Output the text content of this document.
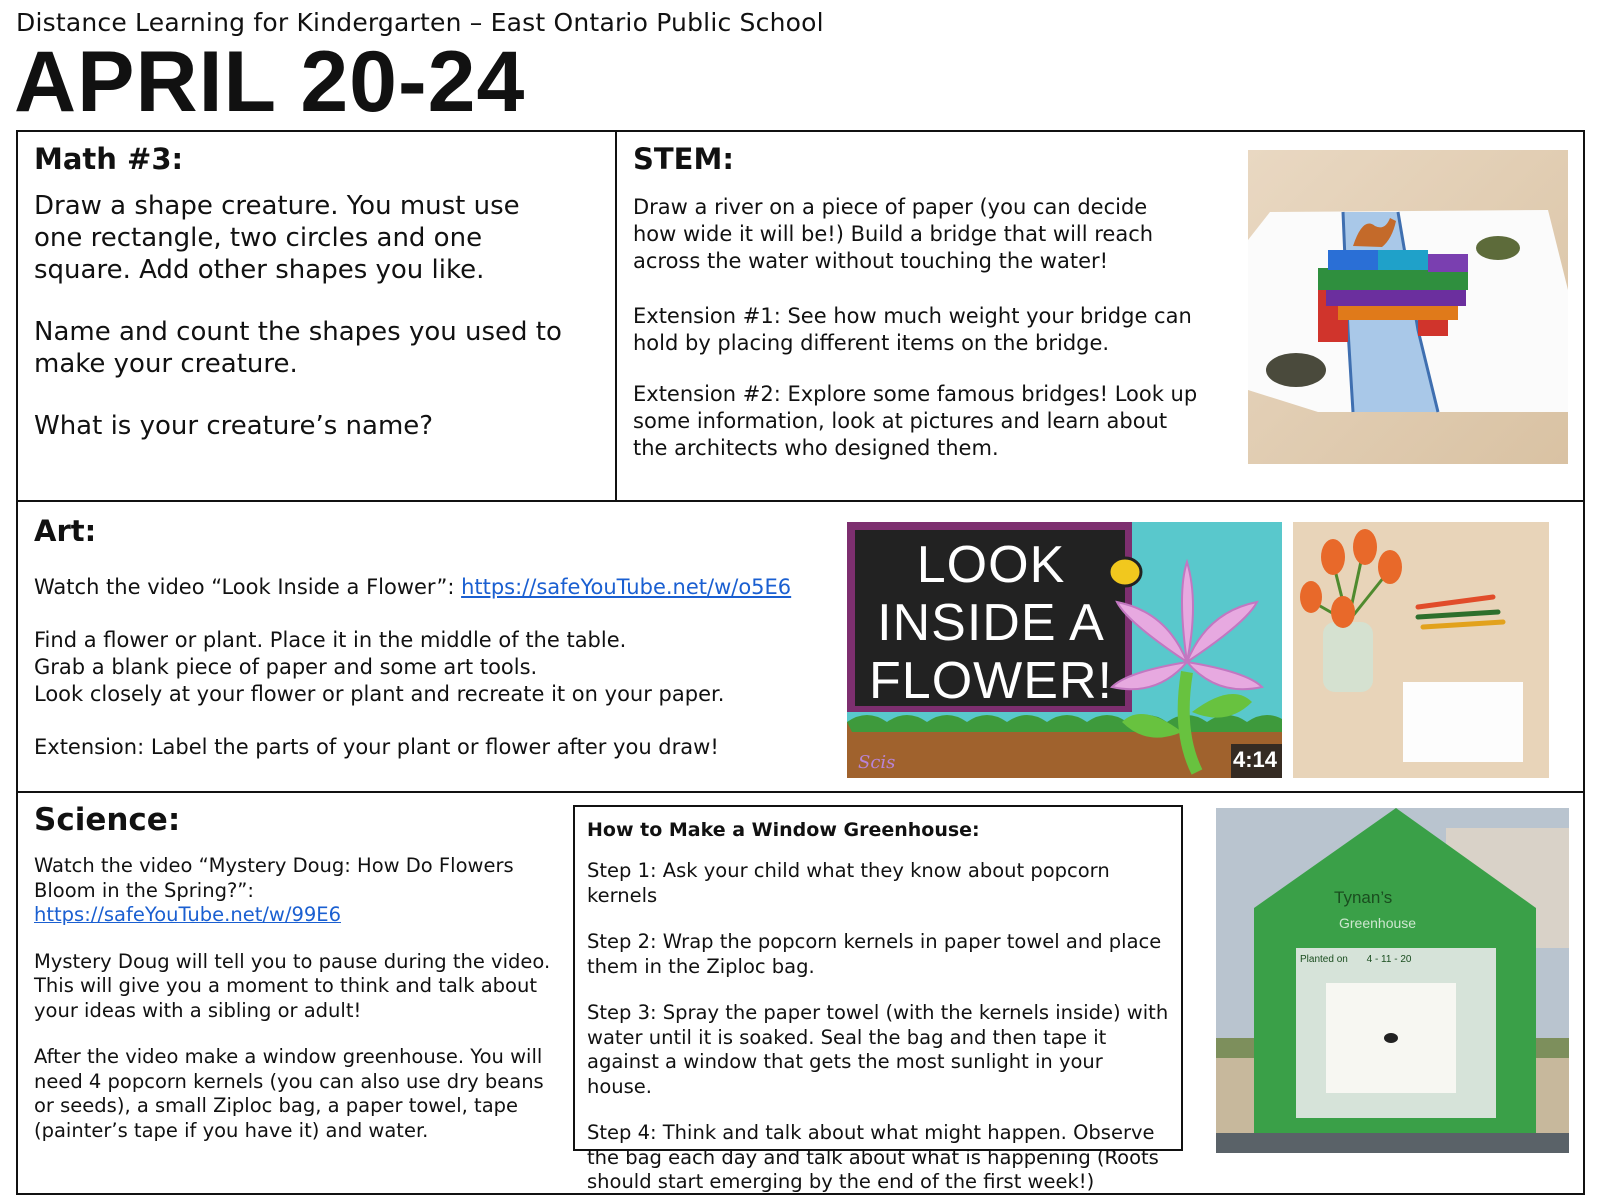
Distance Learning for Kindergarten – East Ontario Public School
APRIL 20-24
Math #3:

Draw a shape creature. You must use

one rectangle, two circles and one

square. Add other shapes you like.

Name and count the shapes you used to

make your creature.

What is your creature’s name?

STEM:

Draw a river on a piece of paper (you can decide

how wide it will be!) Build a bridge that will reach

across the water without touching the water!

Extension #1: See how much weight your bridge can

hold by placing different items on the bridge.

Extension #2: Explore some famous bridges! Look up

some information, look at pictures and learn about

the architects who designed them.

Art:

Watch the video “Look Inside a Flower”: https://safeYouTube.net/w/o5E6

Find a flower or plant. Place it in the middle of the table.

Grab a blank piece of paper and some art tools.

Look closely at your flower or plant and recreate it on your paper.

Extension: Label the parts of your plant or flower after you draw!

Scis
LOOK
INSIDE A
FLOWER!
4:14
Science:

Watch the video “Mystery Doug: How Do Flowers

Bloom in the Spring?”:

https://safeYouTube.net/w/99E6

Mystery Doug will tell you to pause during the video.

This will give you a moment to think and talk about

your ideas with a sibling or adult!

After the video make a window greenhouse. You will

need 4 popcorn kernels (you can also use dry beans

or seeds), a small Ziploc bag, a paper towel, tape

(painter’s tape if you have it) and water.

How to Make a Window Greenhouse:

Step 1: Ask your child what they know about popcorn kernels

Step 2: Wrap the popcorn kernels in paper towel and place

them in the Ziploc bag.

Step 3: Spray the paper towel (with the kernels inside) with

water until it is soaked. Seal the bag and then tape it

against a window that gets the most sunlight in your house.

Step 4: Think and talk about what might happen. Observe

the bag each day and talk about what is happening (Roots

should start emerging by the end of the first week!)

Tynan’s
Greenhouse
Planted on 4 - 11 - 20
